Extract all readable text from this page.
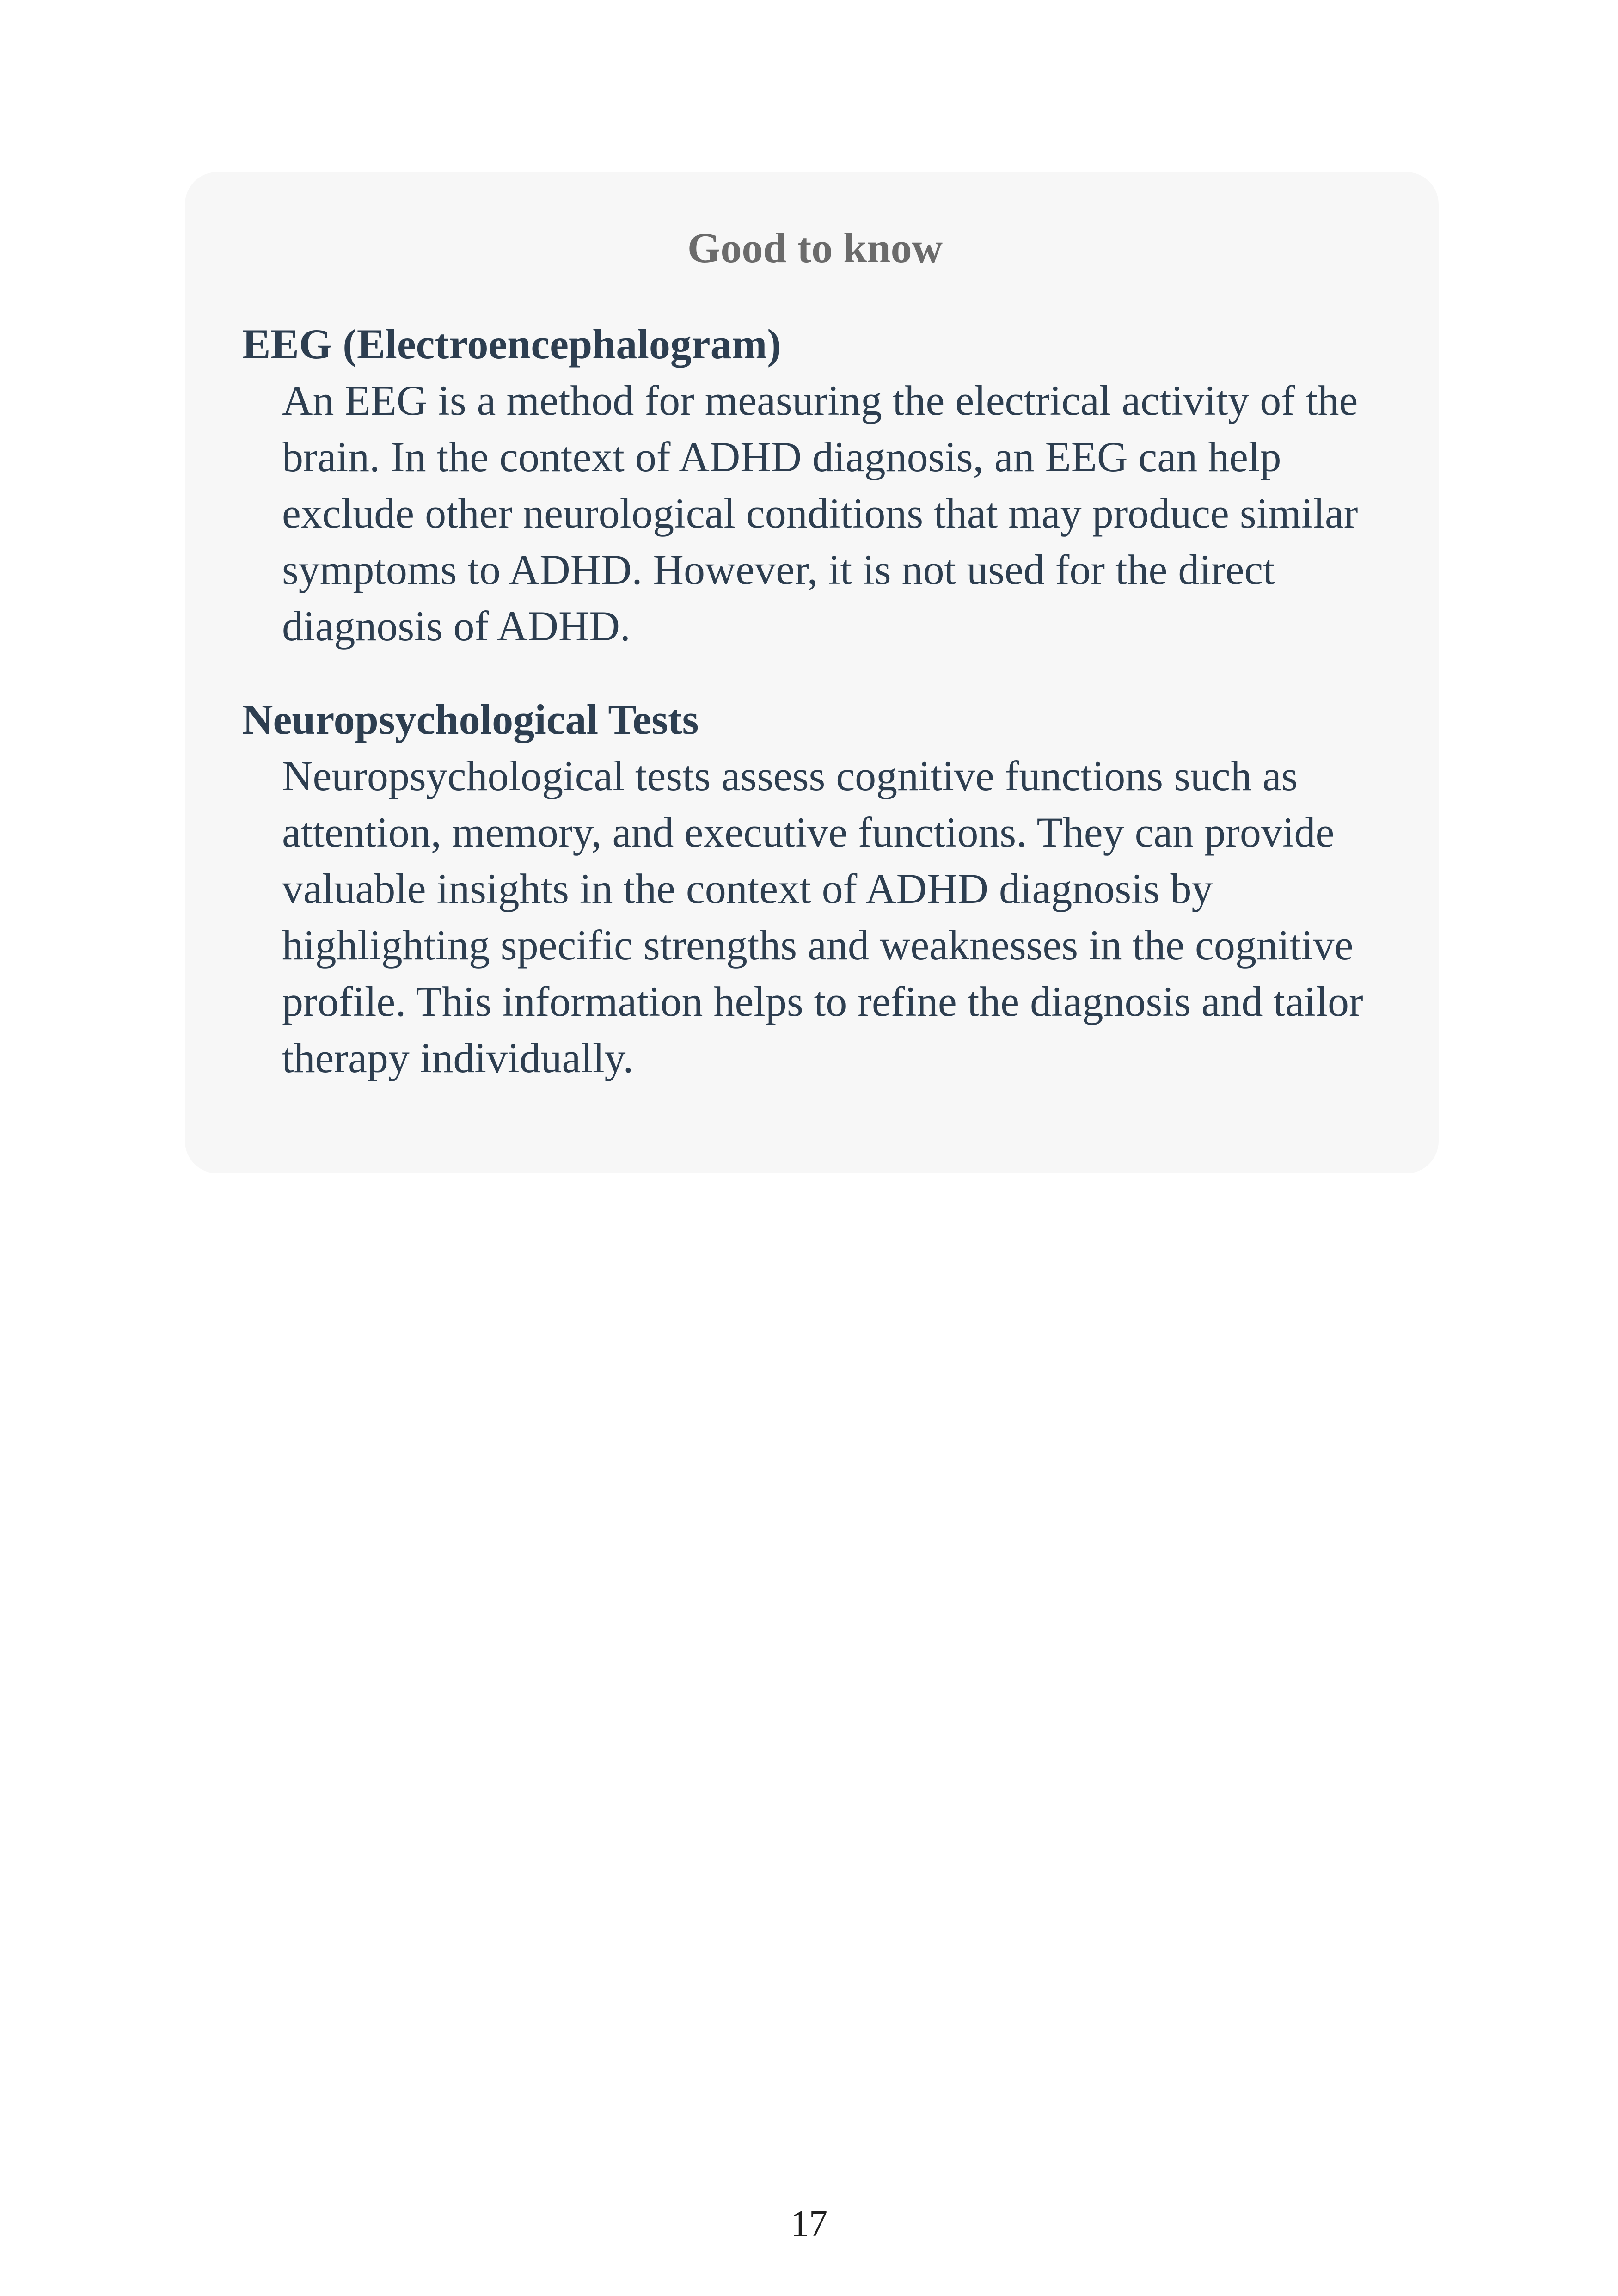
Good to know
EEG (Electroencephalogram)
An EEG is a method for measuring the electrical activity of the
brain. In the context of ADHD diagnosis, an EEG can help
exclude other neurological conditions that may produce similar
symptoms to ADHD. However, it is not used for the direct
diagnosis of ADHD.
Neuropsychological Tests
Neuropsychological tests assess cognitive functions such as
attention, memory, and executive functions. They can provide
valuable insights in the context of ADHD diagnosis by
highlighting specific strengths and weaknesses in the cognitive
profile. This information helps to refine the diagnosis and tailor
therapy individually.
17
